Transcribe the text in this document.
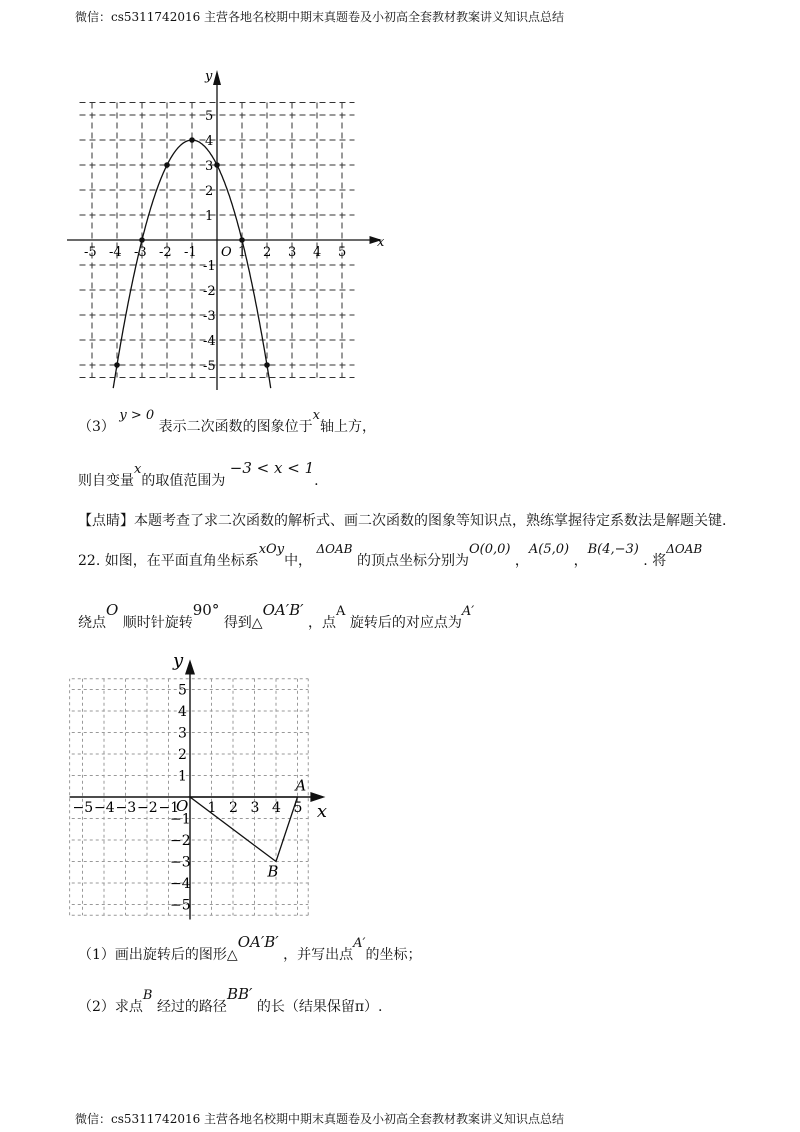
微信：cs5311742016 主营各地名校期中期末真题卷及小初高全套教材教案讲义知识点总结
微信：cs5311742016 主营各地名校期中期末真题卷及小初高全套教材教案讲义知识点总结
x
y
O
-5 -4 -3 -2 -1	1 2 3 4 5
5
4
3
2
1
-1
-2
-3
-4
-5
（3） y > 0 表示二次函数的图象位于x轴上方，
则自变量x的取值范围为 −3 < x < 1.
【点睛】本题考查了求二次函数的解析式、画二次函数的图象等知识点，熟练掌握待定系数法是解题关键.
22. 如图，在平面直角坐标系xOy中， ΔOAB 的顶点坐标分别为O(0,0) ，A(5,0) ，B(4,−3) . 将ΔOAB
绕点O 顺时针旋转90° 得到△OA′B′ ，点A 旋转后的对应点为A′
x
y
O
−5 −4 −3 −2 −1 1 2 3 4 5
5
4
3
2
1
−1
−2
−3
−4
−5
A
B
（1）画出旋转后的图形△OA′B′ ，并写出点A′的坐标；
（2）求点B 经过的路径BB′ 的长（结果保留π）.
